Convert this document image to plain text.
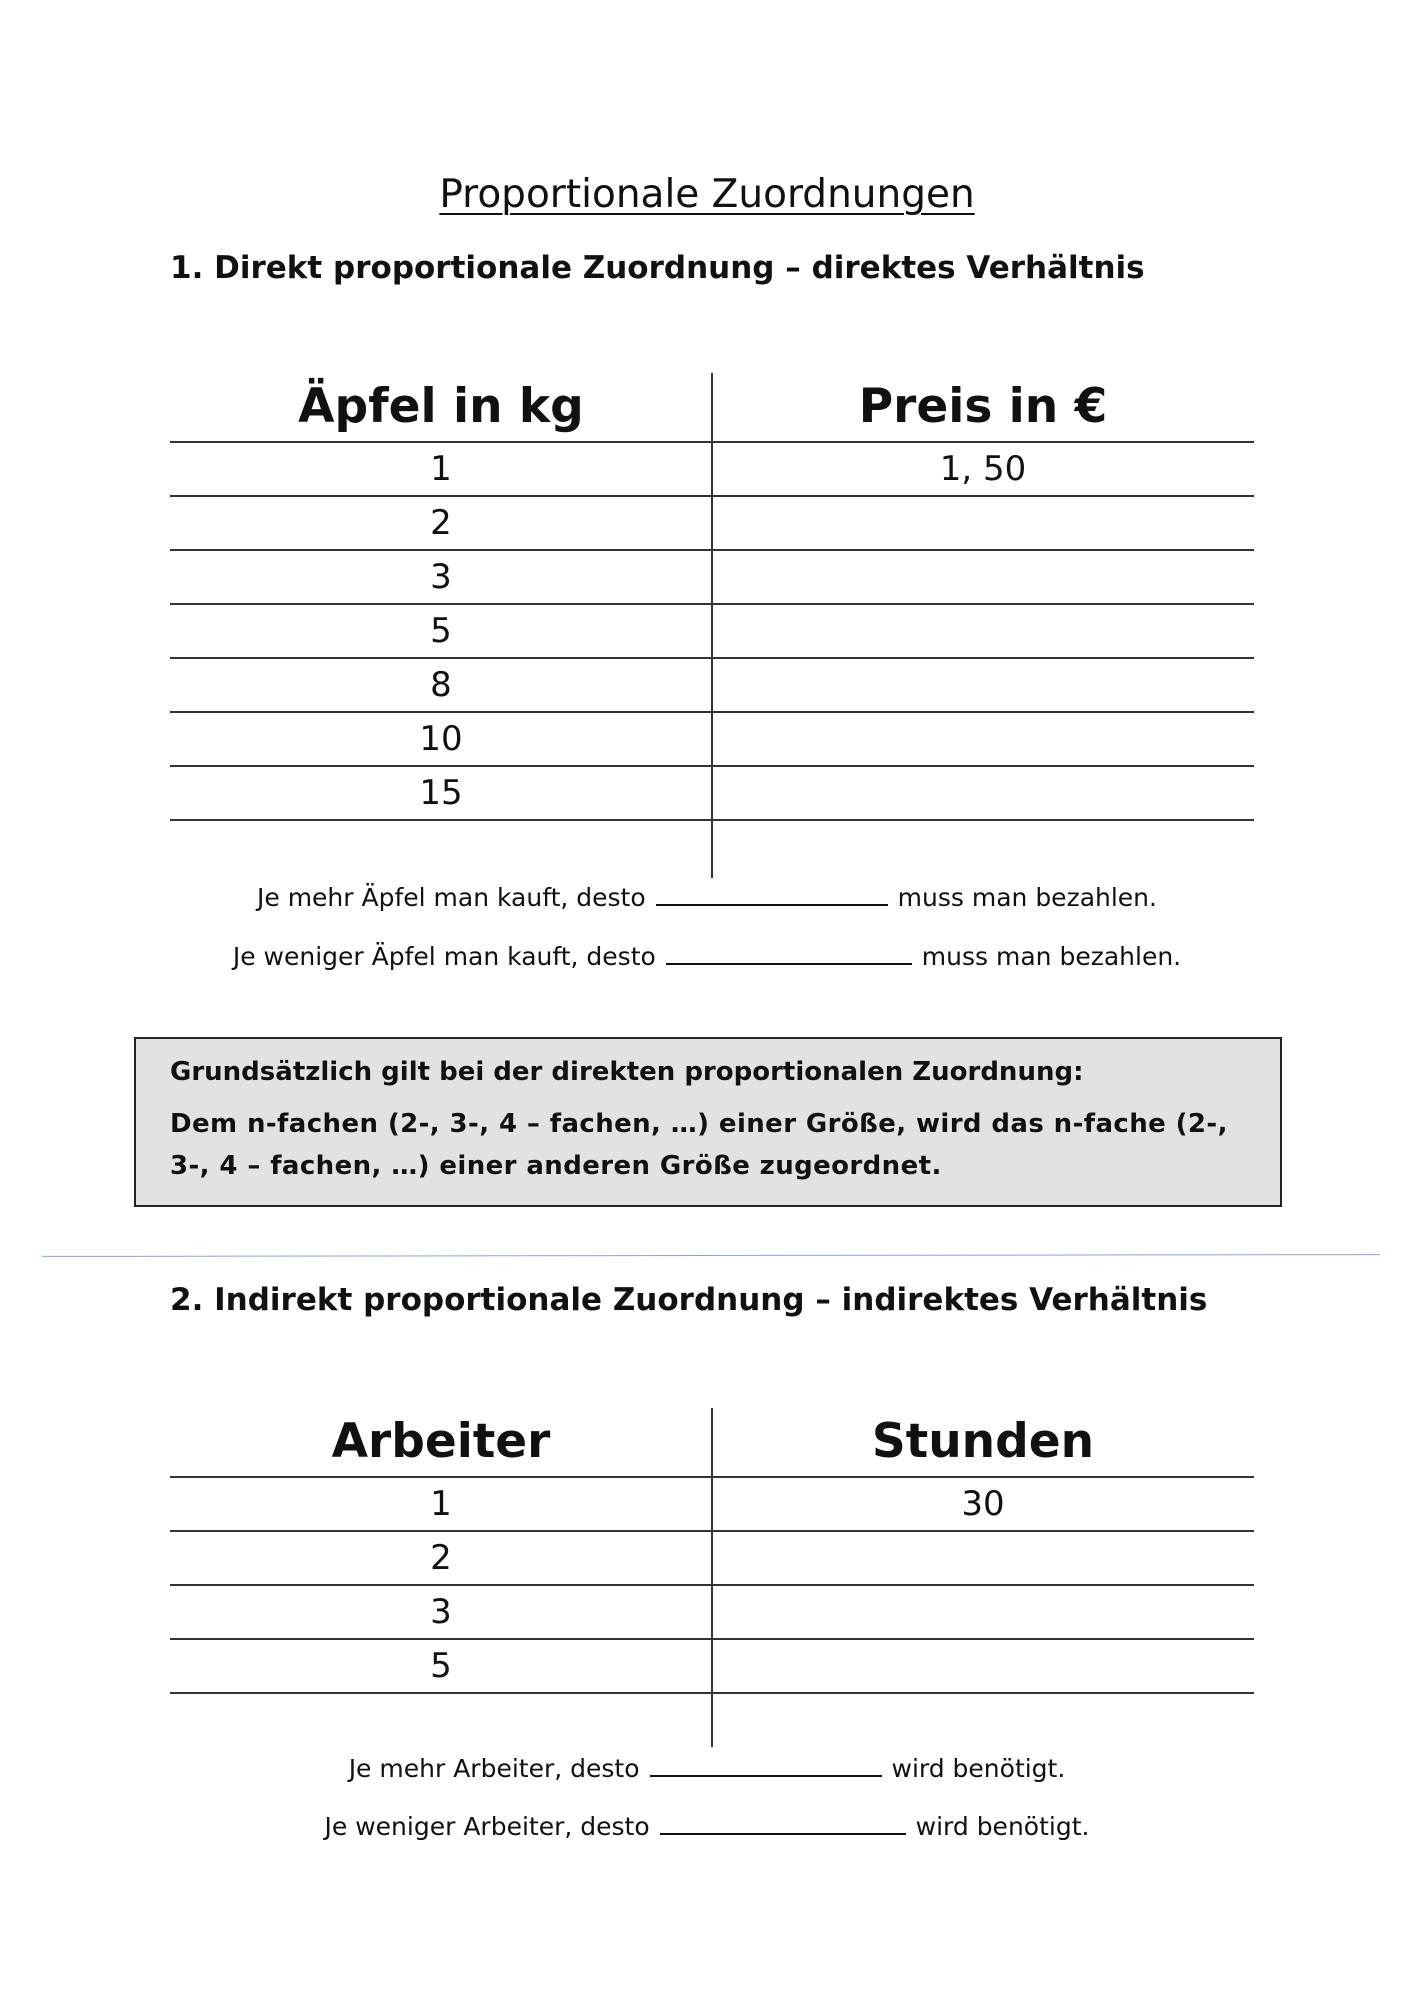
Proportionale Zuordnungen
1. Direkt proportionale Zuordnung – direktes Verhältnis
Äpfel in kg	Preis in €
1	1, 50
2
3
5
8
10
15
Je mehr Äpfel man kauft, desto	muss man bezahlen.
Je weniger Äpfel man kauft, desto	muss man bezahlen.
Grundsätzlich gilt bei der direkten proportionalen Zuordnung:
Dem n-fachen (2-, 3-, 4 – fachen, …) einer Größe, wird das n-fache (2-, 3-, 4 – fachen, …) einer anderen Größe zugeordnet.
2. Indirekt proportionale Zuordnung – indirektes Verhältnis
Arbeiter	Stunden
1	30
2
3
5
Je mehr Arbeiter, desto	wird benötigt.
Je weniger Arbeiter, desto	wird benötigt.
